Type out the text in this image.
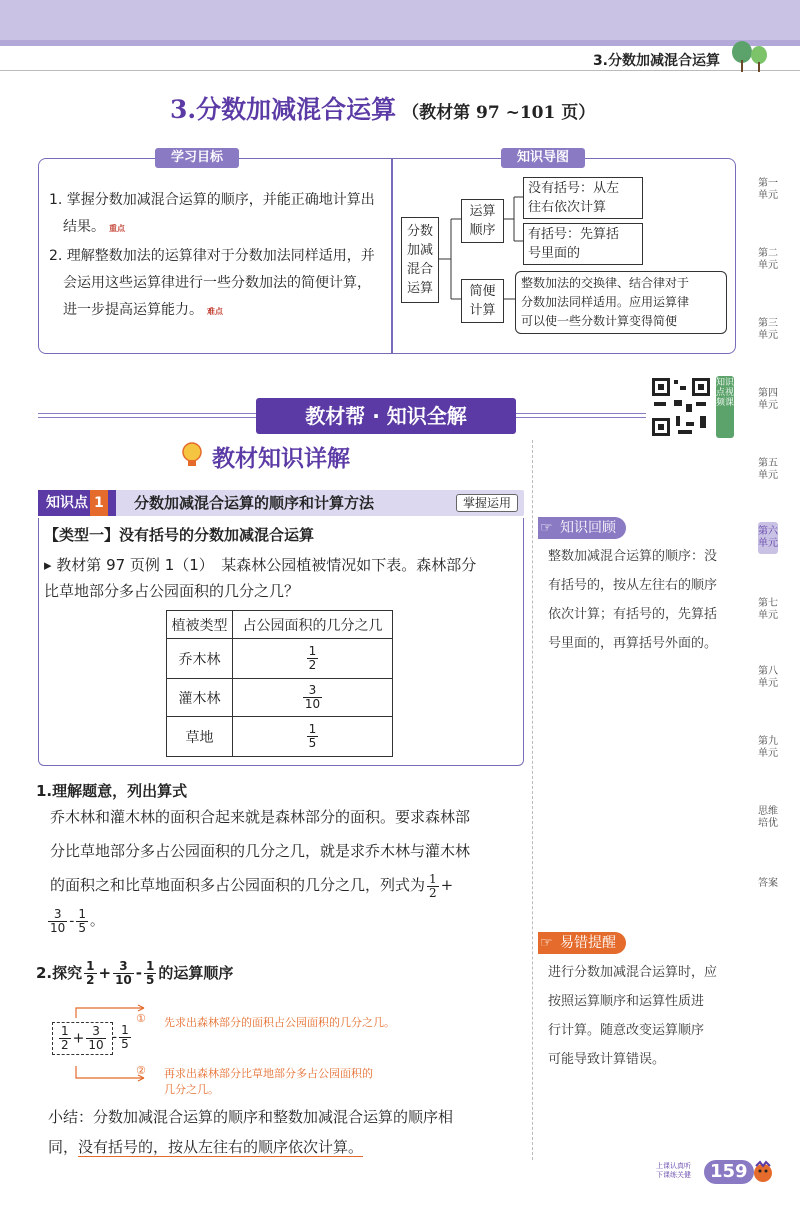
3.分数加减混合运算
3.分数加减混合运算 （教材第 97 ~101 页）
学习目标	知识导图
1. 掌握分数加减混合运算的顺序，并能正确地计算出
结果。 重点
2. 理解整数加法的运算律对于分数加法同样适用，并
会运用这些运算律进行一些分数加法的简便计算，
进一步提高运算能力。 难点
分数
加减
混合
运算
运算
顺序
简便
计算
没有括号：从左
往右依次计算
有括号：先算括
号里面的
整数加法的交换律、结合律对于
分数加法同样适用。应用运算律
可以使一些分数计算变得简便
教材帮 · 知识全解
知识点视频课
教材知识详解
知识点 1	分数加减混合运算的顺序和计算方法	掌握运用
【类型一】没有括号的分数加减混合运算
▸ 教材第 97 页例 1（1）　某森林公园植被情况如下表。森林部分
比草地部分多占公园面积的几分之几？
植被类型	占公园面积的几分之几
乔木林	$\frac{1}{2}$

灌木林	$\frac{3}{10}$

草地	$\frac{1}{5}$
1.理解题意，列出算式
乔木林和灌木林的面积合起来就是森林部分的面积。要求森林部
分比草地部分多占公园面积的几分之几，就是求乔木林与灌木林
的面积之和比草地面积多占公园面积的几分之几，列式为 $\frac{1}{2}$ +
$\frac{3}{10} - \frac{1}{5}$ 。
2.探究 $\frac{1}{2} + \frac{3}{10} - \frac{1}{5}$ 的运算顺序
$\frac{1}{2} + \frac{3}{10} - \frac{1}{5}$
① 先求出森林部分的面积占公园面积的几分之几。
② 再求出森林部分比草地部分多占公园面积的
几分之几。
小结：分数加减混合运算的顺序和整数加减混合运算的顺序相
同，没有括号的，按从左往右的顺序依次计算。
☞ 知识回顾
整数加减混合运算的顺序：没
有括号的，按从左往右的顺序
依次计算；有括号的，先算括
号里面的，再算括号外面的。
☞ 易错提醒
进行分数加减混合运算时，应
按照运算顺序和运算性质进
行计算。随意改变运算顺序
可能导致计算错误。
第一单元
第二单元
第三单元
第四单元
第五单元
第六单元
第七单元
第八单元
第九单元
思维培优
答案
上课认真听
下课练关健	159
